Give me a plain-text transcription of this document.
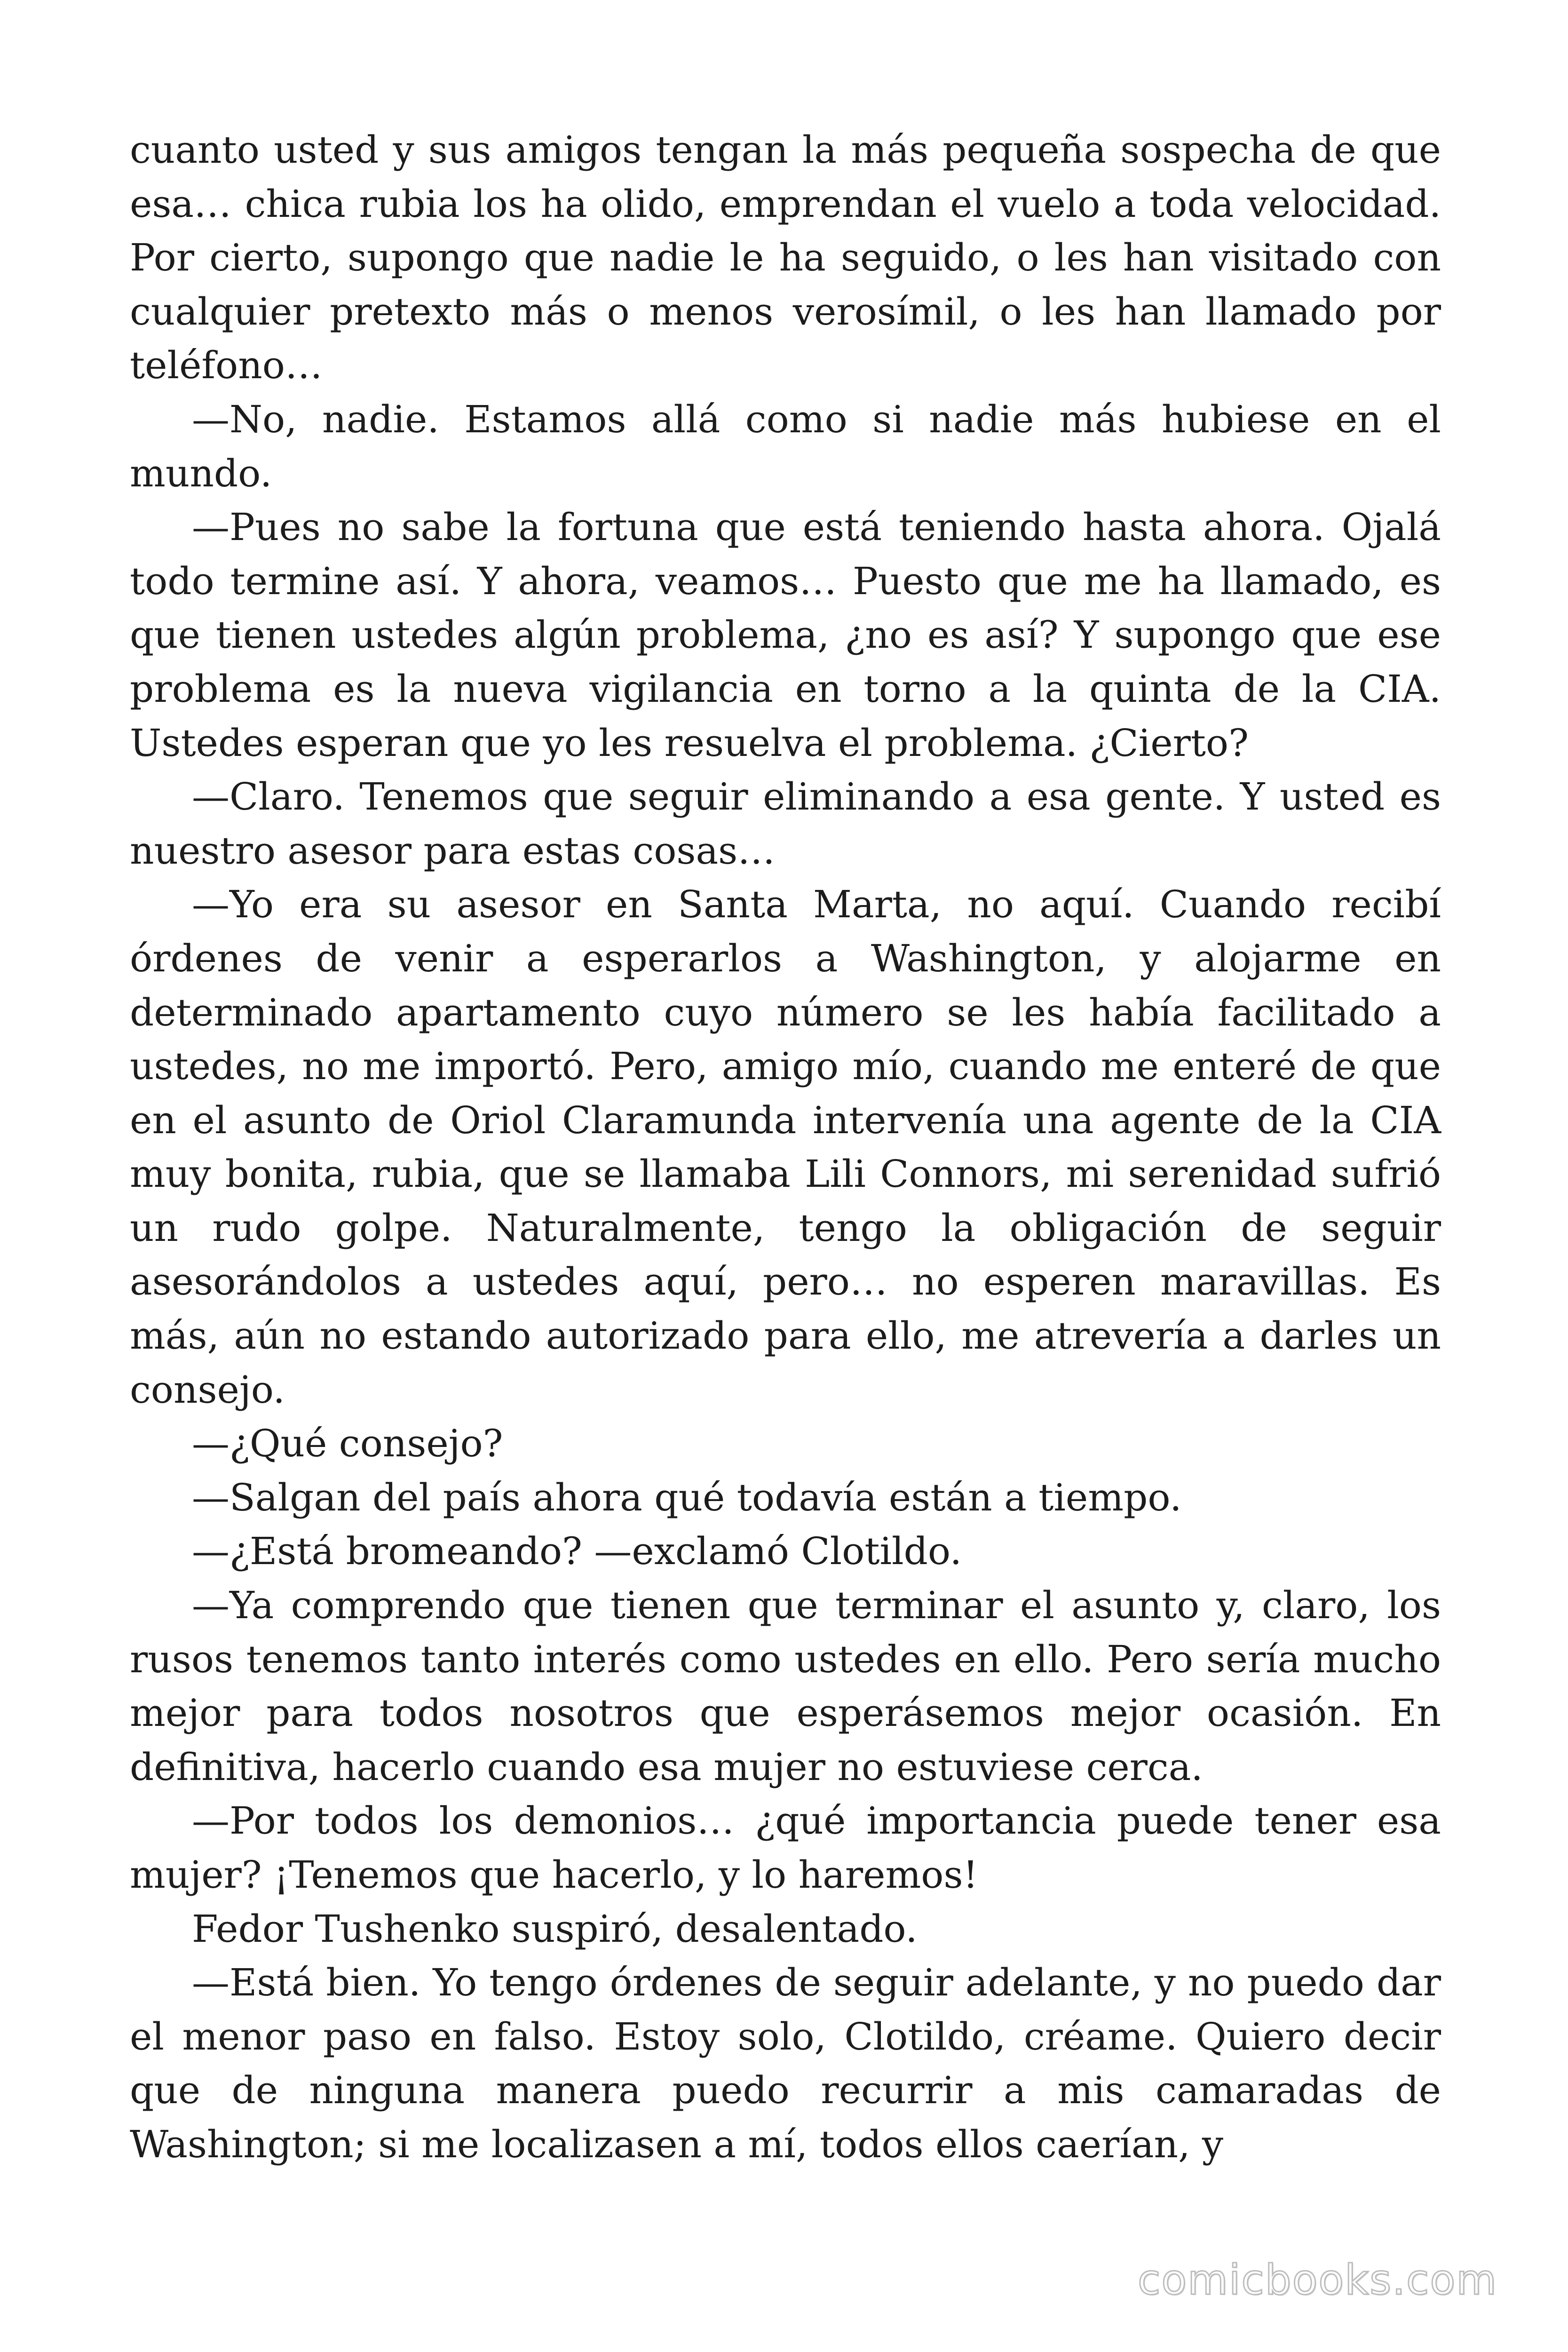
cuanto usted y sus amigos tengan la más pequeña sospecha de que esa… chica rubia los ha olido, emprendan el vuelo a toda velocidad. Por cierto, supongo que nadie le ha seguido, o les han visitado con cualquier pretexto más o menos verosímil, o les han llamado por teléfono…

—No, nadie. Estamos allá como si nadie más hubiese en el mundo.

—Pues no sabe la fortuna que está teniendo hasta ahora. Ojalá todo termine así. Y ahora, veamos… Puesto que me ha llamado, es que tienen ustedes algún problema, ¿no es así? Y supongo que ese problema es la nueva vigilancia en torno a la quinta de la CIA. Ustedes esperan que yo les resuelva el problema. ¿Cierto?

—Claro. Tenemos que seguir eliminando a esa gente. Y usted es nuestro asesor para estas cosas…

—Yo era su asesor en Santa Marta, no aquí. Cuando recibí órdenes de venir a esperarlos a Washington, y alojarme en determinado apartamento cuyo número se les había facilitado a ustedes, no me importó. Pero, amigo mío, cuando me enteré de que en el asunto de Oriol Claramunda intervenía una agente de la CIA muy bonita, rubia, que se llamaba Lili Connors, mi serenidad sufrió un rudo golpe. Naturalmente, tengo la obligación de seguir asesorándolos a ustedes aquí, pero… no esperen maravillas. Es más, aún no estando autorizado para ello, me atrevería a darles un consejo.

—¿Qué consejo?

—Salgan del país ahora qué todavía están a tiempo.

—¿Está bromeando? —exclamó Clotildo.

—Ya comprendo que tienen que terminar el asunto y, claro, los rusos tenemos tanto interés como ustedes en ello. Pero sería mucho mejor para todos nosotros que esperásemos mejor ocasión. En definitiva, hacerlo cuando esa mujer no estuviese cerca.

—Por todos los demonios… ¿qué importancia puede tener esa mujer? ¡Tenemos que hacerlo, y lo haremos!

Fedor Tushenko suspiró, desalentado.

—Está bien. Yo tengo órdenes de seguir adelante, y no puedo dar el menor paso en falso. Estoy solo, Clotildo, créame. Quiero decir que de ninguna manera puedo recurrir a mis camaradas de Washington; si me localizasen a mí, todos ellos caerían, y

comicbooks.com
